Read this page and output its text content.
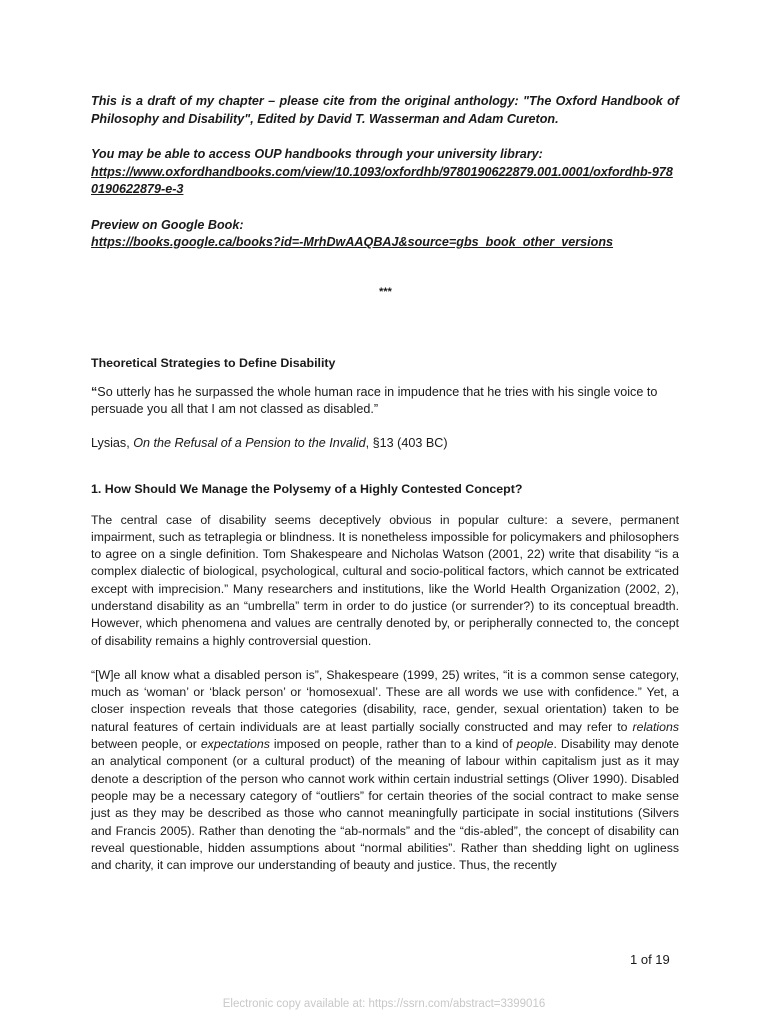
This is a draft of my chapter – please cite from the original anthology: "The Oxford Handbook of Philosophy and Disability", Edited by David T. Wasserman and Adam Cureton.

You may be able to access OUP handbooks through your university library:
https://www.oxfordhandbooks.com/view/10.1093/oxfordhb/9780190622879.001.0001/oxfordhb-9780190622879-e-3

Preview on Google Book:
https://books.google.ca/books?id=-MrhDwAAQBAJ&source=gbs_book_other_versions

***
Theoretical Strategies to Define Disability

“So utterly has he surpassed the whole human race in impudence that he tries with his single voice to persuade you all that I am not classed as disabled.”

Lysias, On the Refusal of a Pension to the Invalid, §13 (403 BC)

1. How Should We Manage the Polysemy of a Highly Contested Concept?

The central case of disability seems deceptively obvious in popular culture: a severe, permanent impairment, such as tetraplegia or blindness. It is nonetheless impossible for policymakers and philosophers to agree on a single definition. Tom Shakespeare and Nicholas Watson (2001, 22) write that disability “is a complex dialectic of biological, psychological, cultural and socio-political factors, which cannot be extricated except with imprecision.” Many researchers and institutions, like the World Health Organization (2002, 2), understand disability as an “umbrella” term in order to do justice (or surrender?) to its conceptual breadth. However, which phenomena and values are centrally denoted by, or peripherally connected to, the concept of disability remains a highly controversial question.

“[W]e all know what a disabled person is”, Shakespeare (1999, 25) writes, “it is a common sense category, much as ‘woman’ or ‘black person’ or ‘homosexual’. These are all words we use with confidence.” Yet, a closer inspection reveals that those categories (disability, race, gender, sexual orientation) taken to be natural features of certain individuals are at least partially socially constructed and may refer to relations between people, or expectations imposed on people, rather than to a kind of people. Disability may denote an analytical component (or a cultural product) of the meaning of labour within capitalism just as it may denote a description of the person who cannot work within certain industrial settings (Oliver 1990). Disabled people may be a necessary category of “outliers” for certain theories of the social contract to make sense just as they may be described as those who cannot meaningfully participate in social institutions (Silvers and Francis 2005). Rather than denoting the “ab-normals” and the “dis-abled”, the concept of disability can reveal questionable, hidden assumptions about “normal abilities”. Rather than shedding light on ugliness and charity, it can improve our understanding of beauty and justice. Thus, the recently

1 of 19
Electronic copy available at: https://ssrn.com/abstract=3399016
